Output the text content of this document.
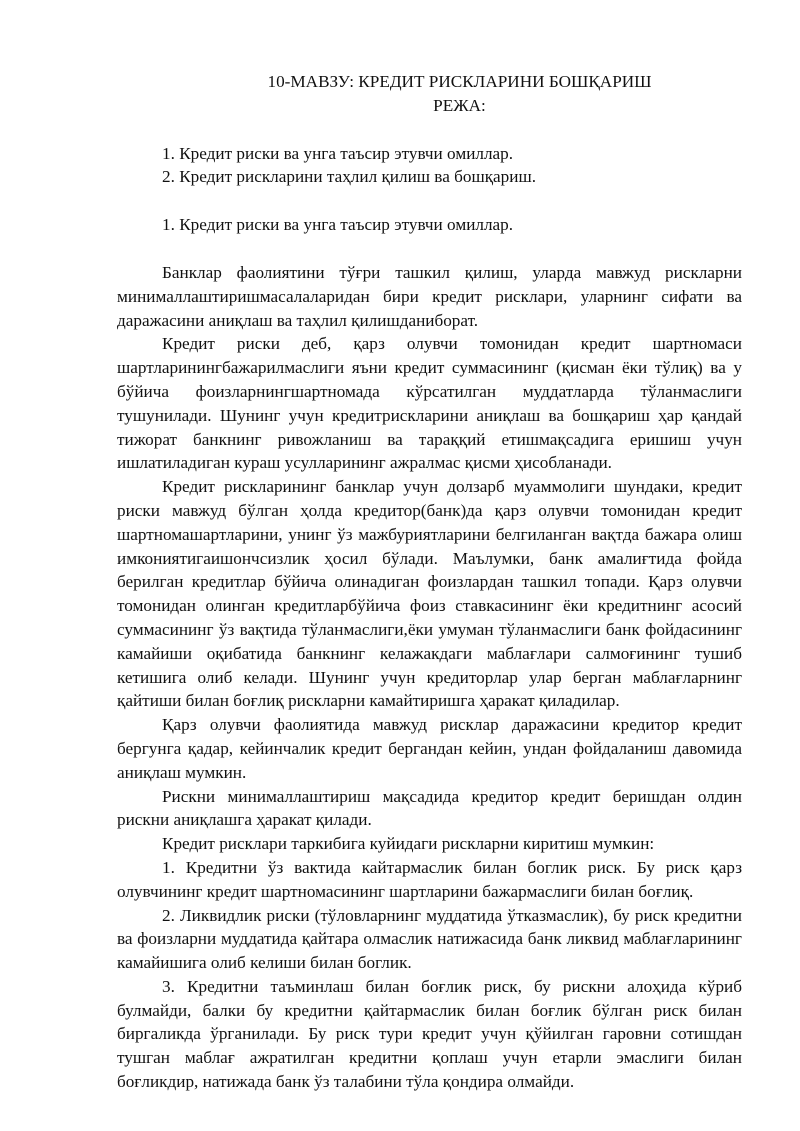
10-МАВЗУ: КРЕДИТ РИСКЛАРИНИ БОШҚАРИШ

РЕЖА:

1. Кредит риски ва унга таъсир этувчи омиллар.
2. Кредит рискларини таҳлил қилиш ва бошқариш.

1. Кредит риски ва унга таъсир этувчи омиллар.

Банклар фаолиятини тўғри ташкил қилиш, уларда мавжуд рискларни минималлаштиришмасалаларидан бири кредит рисклари, уларнинг сифати ва даражасини аниқлаш ва таҳлил қилишданиборат.

Кредит риски деб, қарз олувчи томонидан кредит шартномаси шартларинингбажарилмаслиги яъни кредит суммасининг (қисман ёки тўлиқ) ва у бўйича фоизларнингшартномада кўрсатилган муддатларда тўланмаслиги тушунилади. Шунинг учун кредитрискларини аниқлаш ва бошқариш ҳар қандай тижорат банкнинг ривожланиш ва тараққий етишмақсадига еришиш учун ишлатиладиган кураш усулларининг ажралмас қисми ҳисобланади.

Кредит рискларининг банклар учун долзарб муаммолиги шундаки, кредит риски мавжуд бўлган ҳолда кредитор(банк)да қарз олувчи томонидан кредит шартномашартларини, унинг ўз мажбуриятларини белгиланган вақтда бажара олиш имкониятигаишончсизлик ҳосил бўлади. Маълумки, банк амалиғтида фойда берилган кредитлар бўйича олинадиган фоизлардан ташкил топади. Қарз олувчи томонидан олинган кредитларбўйича фоиз ставкасининг ёки кредитнинг асосий суммасининг ўз вақтида тўланмаслиги,ёки умуман тўланмаслиги банк фойдасининг камайиши оқибатида банкнинг келажакдаги маблағлари салмоғининг тушиб кетишига олиб келади. Шунинг учун кредиторлар улар берган маблағларнинг қайтиши билан боғлиқ рискларни камайтиришга ҳаракат қиладилар.

Қарз олувчи фаолиятида мавжуд рисклар даражасини кредитор кредит бергунга қадар, кейинчалик кредит бергандан кейин, ундан фойдаланиш давомида аниқлаш мумкин.

Рискни минималлаштириш мақсадида кредитор кредит беришдан олдин рискни аниқлашга ҳаракат қилади.

Кредит рисклари таркибига куйидаги рискларни киритиш мумкин:

1. Кредитни ўз вактида кайтармаслик билан боглик риск. Бу риск қарз олувчининг кредит шартномасининг шартларини бажармаслиги билан боғлиқ.

2. Ликвидлик риски (тўловларнинг муддатида ўтказмаслик), бу риск кредитни ва фоизларни муддатида қайтара олмаслик натижасида банк ликвид маблағларининг камайишига олиб келиши билан боглик.

3. Кредитни таъминлаш билан боғлик риск, бу рискни алоҳида кўриб булмайди, балки бу кредитни қайтармаслик билан боғлик бўлган риск билан биргаликда ўрганилади. Бу риск тури кредит учун қўйилган гаровни сотишдан тушган маблағ ажратилган кредитни қоплаш учун етарли эмаслиги билан боғликдир, натижада банк ўз талабини тўла қондира олмайди.
